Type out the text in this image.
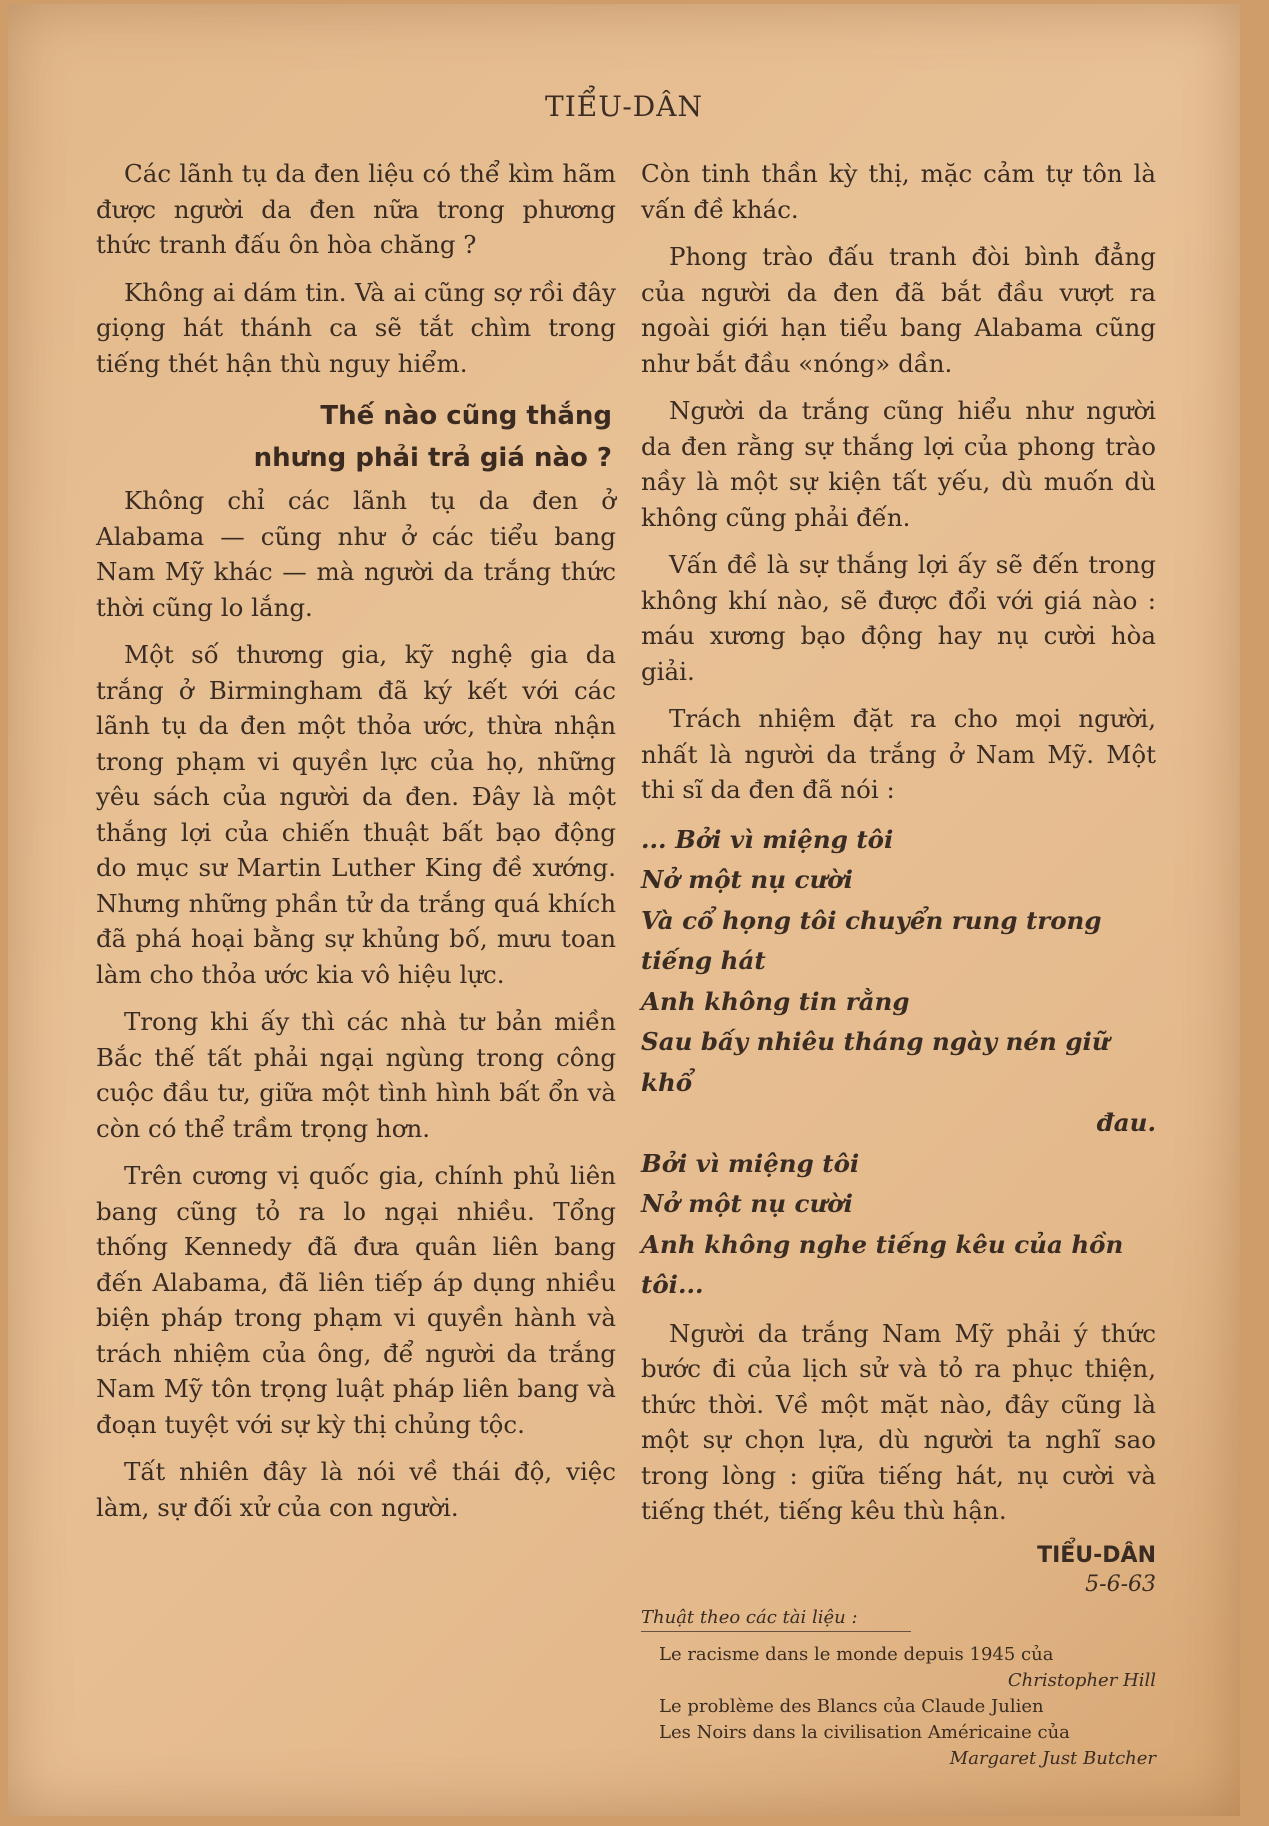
TIỂU-DÂN

Các lãnh tụ da đen liệu có thể kìm hãm được người da đen nữa trong phương thức tranh đấu ôn hòa chăng ?

Không ai dám tin. Và ai cũng sợ rồi đây giọng hát thánh ca sẽ tắt chìm trong tiếng thét hận thù nguy hiểm.

Thế nào cũng thắng
nhưng phải trả giá nào ?

Không chỉ các lãnh tụ da đen ở Alabama — cũng như ở các tiểu bang Nam Mỹ khác — mà người da trắng thức thời cũng lo lắng.

Một số thương gia, kỹ nghệ gia da trắng ở Birmingham đã ký kết với các lãnh tụ da đen một thỏa ước, thừa nhận trong phạm vi quyền lực của họ, những yêu sách của người da đen. Đây là một thắng lợi của chiến thuật bất bạo động do mục sư Martin Luther King đề xướng. Nhưng những phần tử da trắng quá khích đã phá hoại bằng sự khủng bố, mưu toan làm cho thỏa ước kia vô hiệu lực.

Trong khi ấy thì các nhà tư bản miền Bắc thế tất phải ngại ngùng trong công cuộc đầu tư, giữa một tình hình bất ổn và còn có thể trầm trọng hơn.

Trên cương vị quốc gia, chính phủ liên bang cũng tỏ ra lo ngại nhiều. Tổng thống Kennedy đã đưa quân liên bang đến Alabama, đã liên tiếp áp dụng nhiều biện pháp trong phạm vi quyền hành và trách nhiệm của ông, để người da trắng Nam Mỹ tôn trọng luật pháp liên bang và đoạn tuyệt với sự kỳ thị chủng tộc.

Tất nhiên đây là nói về thái độ, việc làm, sự đối xử của con người.

Còn tinh thần kỳ thị, mặc cảm tự tôn là vấn đề khác.

Phong trào đấu tranh đòi bình đẳng của người da đen đã bắt đầu vượt ra ngoài giới hạn tiểu bang Alabama cũng như bắt đầu «nóng» dần.

Người da trắng cũng hiểu như người da đen rằng sự thắng lợi của phong trào nầy là một sự kiện tất yếu, dù muốn dù không cũng phải đến.

Vấn đề là sự thắng lợi ấy sẽ đến trong không khí nào, sẽ được đổi với giá nào : máu xương bạo động hay nụ cười hòa giải.

Trách nhiệm đặt ra cho mọi người, nhất là người da trắng ở Nam Mỹ. Một thi sĩ da đen đã nói :

... Bởi vì miệng tôi
Nở một nụ cười
Và cổ họng tôi chuyển rung trong tiếng hát
Anh không tin rằng
Sau bấy nhiêu tháng ngày nén giữ khổ
đau.
Bởi vì miệng tôi
Nở một nụ cười
Anh không nghe tiếng kêu của hồn tôi...

Người da trắng Nam Mỹ phải ý thức bước đi của lịch sử và tỏ ra phục thiện, thức thời. Về một mặt nào, đây cũng là một sự chọn lựa, dù người ta nghĩ sao trong lòng : giữa tiếng hát, nụ cười và tiếng thét, tiếng kêu thù hận.

TIỂU-DÂN
5-6-63
Thuật theo các tài liệu :
Le racisme dans le monde depuis 1945 của
Christopher Hill
Le problème des Blancs của Claude Julien
Les Noirs dans la civilisation Américaine của
Margaret Just Butcher
